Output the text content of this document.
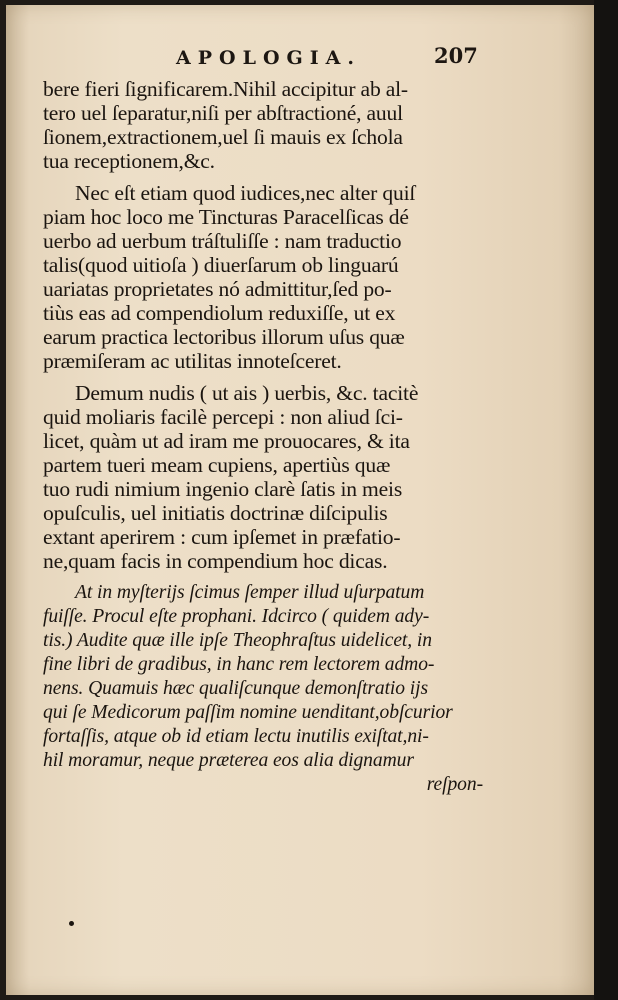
APOLOGIA.	207
bere fieri ſignificarem.Nihil accipitur ab al-
tero uel ſeparatur,niſi per abſtractioné, auul
ſionem,extractionem,uel ſi mauis ex ſchola
tua receptionem,&c.
Nec eſt etiam quod iudices,nec alter quiſ
piam hoc loco me Tincturas Paracelſicas dé
uerbo ad uerbum tráſtuliſſe : nam traductio
talis(quod uitioſa ) diuerſarum ob linguarú
uariatas proprietates nó admittitur,ſed po-
tiùs eas ad compendiolum reduxiſſe, ut ex
earum practica lectoribus illorum uſus quæ
præmiſeram ac utilitas innoteſceret.
Demum nudis ( ut ais ) uerbis, &c. tacitè
quid moliaris facilè percepi : non aliud ſci-
licet, quàm ut ad iram me prouocares, & ita
partem tueri meam cupiens, apertiùs quæ
tuo rudi nimium ingenio clarè ſatis in meis
opuſculis, uel initiatis doctrinæ diſcipulis
extant aperirem : cum ipſemet in præfatio-
ne,quam facis in compendium hoc dicas.
At in myſterijs ſcimus ſemper illud uſurpatum
fuiſſe. Procul eſte prophani. Idcirco ( quidem ady-
tis.) Audite quæ ille ipſe Theophraſtus uidelicet, in
fine libri de gradibus, in hanc rem lectorem admo-
nens. Quamuis hæc qualiſcunque demonſtratio ijs
qui ſe Medicorum paſſim nomine uenditant,obſcurior
fortaſſis, atque ob id etiam lectu inutilis exiſtat,ni-
hil moramur, neque præterea eos alia dignamur
reſpon-
